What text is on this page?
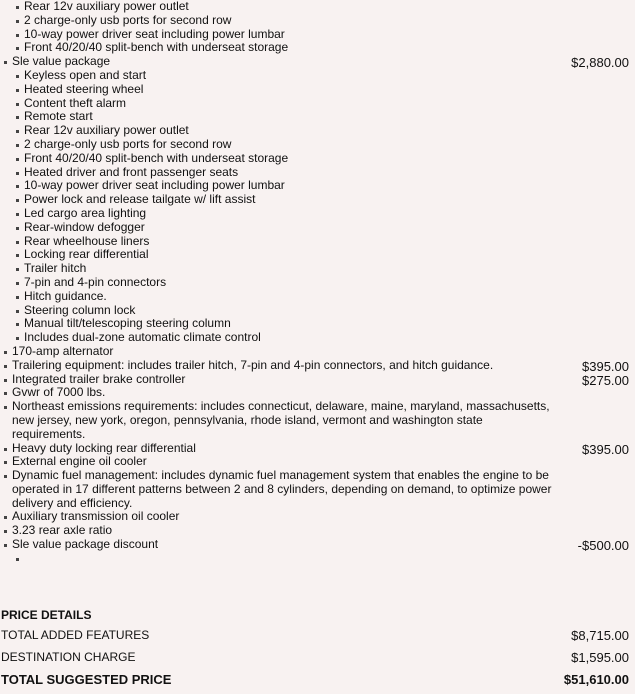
Rear 12v auxiliary power outlet
2 charge-only usb ports for second row
10-way power driver seat including power lumbar
Front 40/20/40 split-bench with underseat storage
Sle value package	$2,880.00
Keyless open and start
Heated steering wheel
Content theft alarm
Remote start
Rear 12v auxiliary power outlet
2 charge-only usb ports for second row
Front 40/20/40 split-bench with underseat storage
Heated driver and front passenger seats
10-way power driver seat including power lumbar
Power lock and release tailgate w/ lift assist
Led cargo area lighting
Rear-window defogger
Rear wheelhouse liners
Locking rear differential
Trailer hitch
7-pin and 4-pin connectors
Hitch guidance.
Steering column lock
Manual tilt/telescoping steering column
Includes dual-zone automatic climate control
170-amp alternator
Trailering equipment: includes trailer hitch, 7-pin and 4-pin connectors, and hitch guidance.	$395.00
Integrated trailer brake controller	$275.00
Gvwr of 7000 lbs.
Northeast emissions requirements: includes connecticut, delaware, maine, maryland, massachusetts, new jersey, new york, oregon, pennsylvania, rhode island, vermont and washington state requirements.
Heavy duty locking rear differential	$395.00
External engine oil cooler
Dynamic fuel management: includes dynamic fuel management system that enables the engine to be operated in 17 different patterns between 2 and 8 cylinders, depending on demand, to optimize power delivery and efficiency.
Auxiliary transmission oil cooler
3.23 rear axle ratio
Sle value package discount	-$500.00
PRICE DETAILS
TOTAL ADDED FEATURES	$8,715.00
DESTINATION CHARGE	$1,595.00
TOTAL SUGGESTED PRICE	$51,610.00
